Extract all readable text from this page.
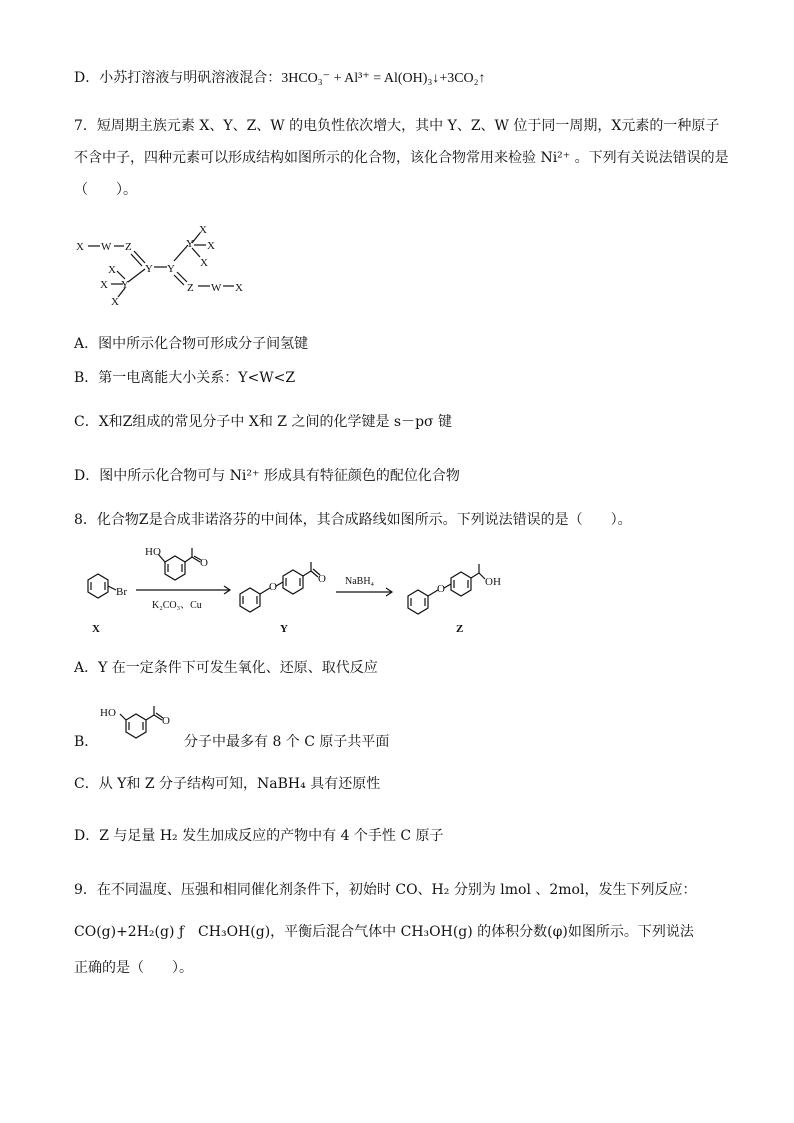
D．小苏打溶液与明矾溶液混合：3HCO₃⁻ + Al³⁺ = Al(OH)₃↓+3CO₂↑
7．短周期主族元素 X、Y、Z、W 的电负性依次增大，其中 Y、Z、W 位于同一周期，X元素的一种原子
不含中子，四种元素可以形成结构如图所示的化合物，该化合物常用来检验 Ni²⁺ 。下列有关说法错误的是
（　　）。
X W Z
Y Y
Z W X
Y
X
X
X
Y
X
X
X
A．图中所示化合物可形成分子间氢键
B．第一电离能大小关系：Y<W<Z
C．X和Z组成的常见分子中 X和 Z 之间的化学键是 s－pσ 键
D．图中所示化合物可与 Ni²⁺ 形成具有特征颜色的配位化合物
8．化合物Z是合成非诺洛芬的中间体，其合成路线如图所示。下列说法错误的是（　　）。
Br
HO
O
K₂CO₃、Cu
O
O NaBH₄
O
OH
X	Y	Z
A．Y 在一定条件下可发生氧化、还原、取代反应
B．
HO
O
分子中最多有 8 个 C 原子共平面
C．从 Y和 Z 分子结构可知，NaBH₄ 具有还原性
D．Z 与足量 H₂ 发生加成反应的产物中有 4 个手性 C 原子
9．在不同温度、压强和相同催化剂条件下，初始时 CO、H₂ 分别为 lmol 、2mol，发生下列反应：
CO(g)+2H₂(g) ƒ　CH₃OH(g)，平衡后混合气体中 CH₃OH(g) 的体积分数(φ)如图所示。下列说法
正确的是（　　）。
